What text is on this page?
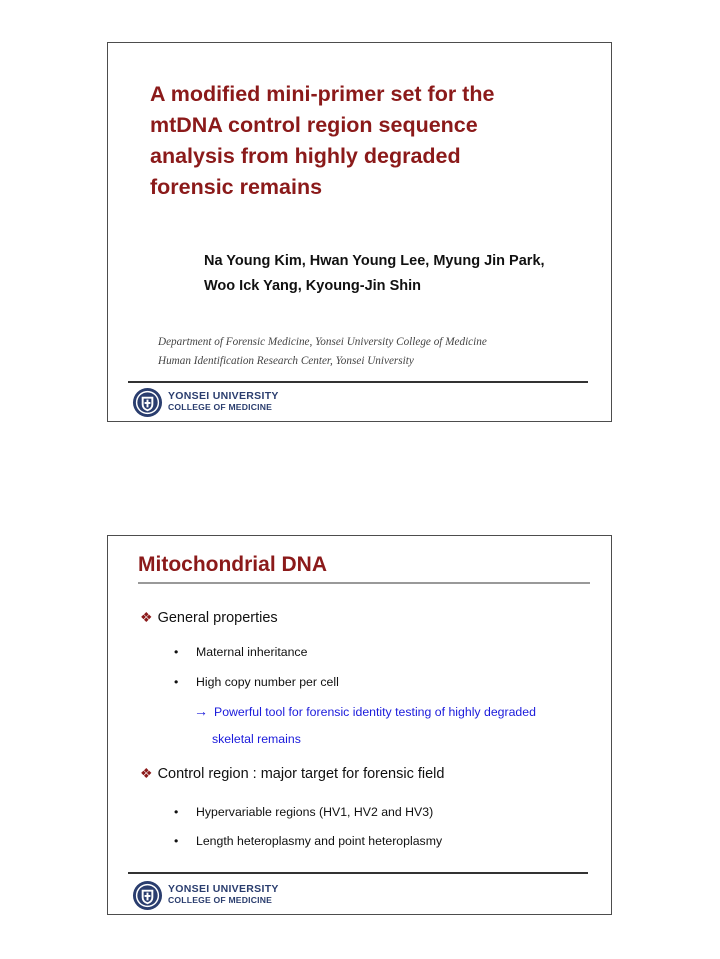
A modified mini-primer set for the
mtDNA control region sequence
analysis from highly degraded
forensic remains

Na Young Kim, Hwan Young Lee, Myung Jin Park,
Woo Ick Yang, Kyoung-Jin Shin

Department of Forensic Medicine, Yonsei University College of Medicine
Human Identification Research Center, Yonsei University

YONSEI UNIVERSITY
COLLEGE OF MEDICINE
Mitochondrial DNA
❖ General properties
•	Maternal inheritance
•	High copy number per cell
→ Powerful tool for forensic identity testing of highly degraded
skeletal remains
❖ Control region : major target for forensic field
•	Hypervariable regions (HV1, HV2 and HV3)
•	Length heteroplasmy and point heteroplasmy
YONSEI UNIVERSITY
COLLEGE OF MEDICINE
